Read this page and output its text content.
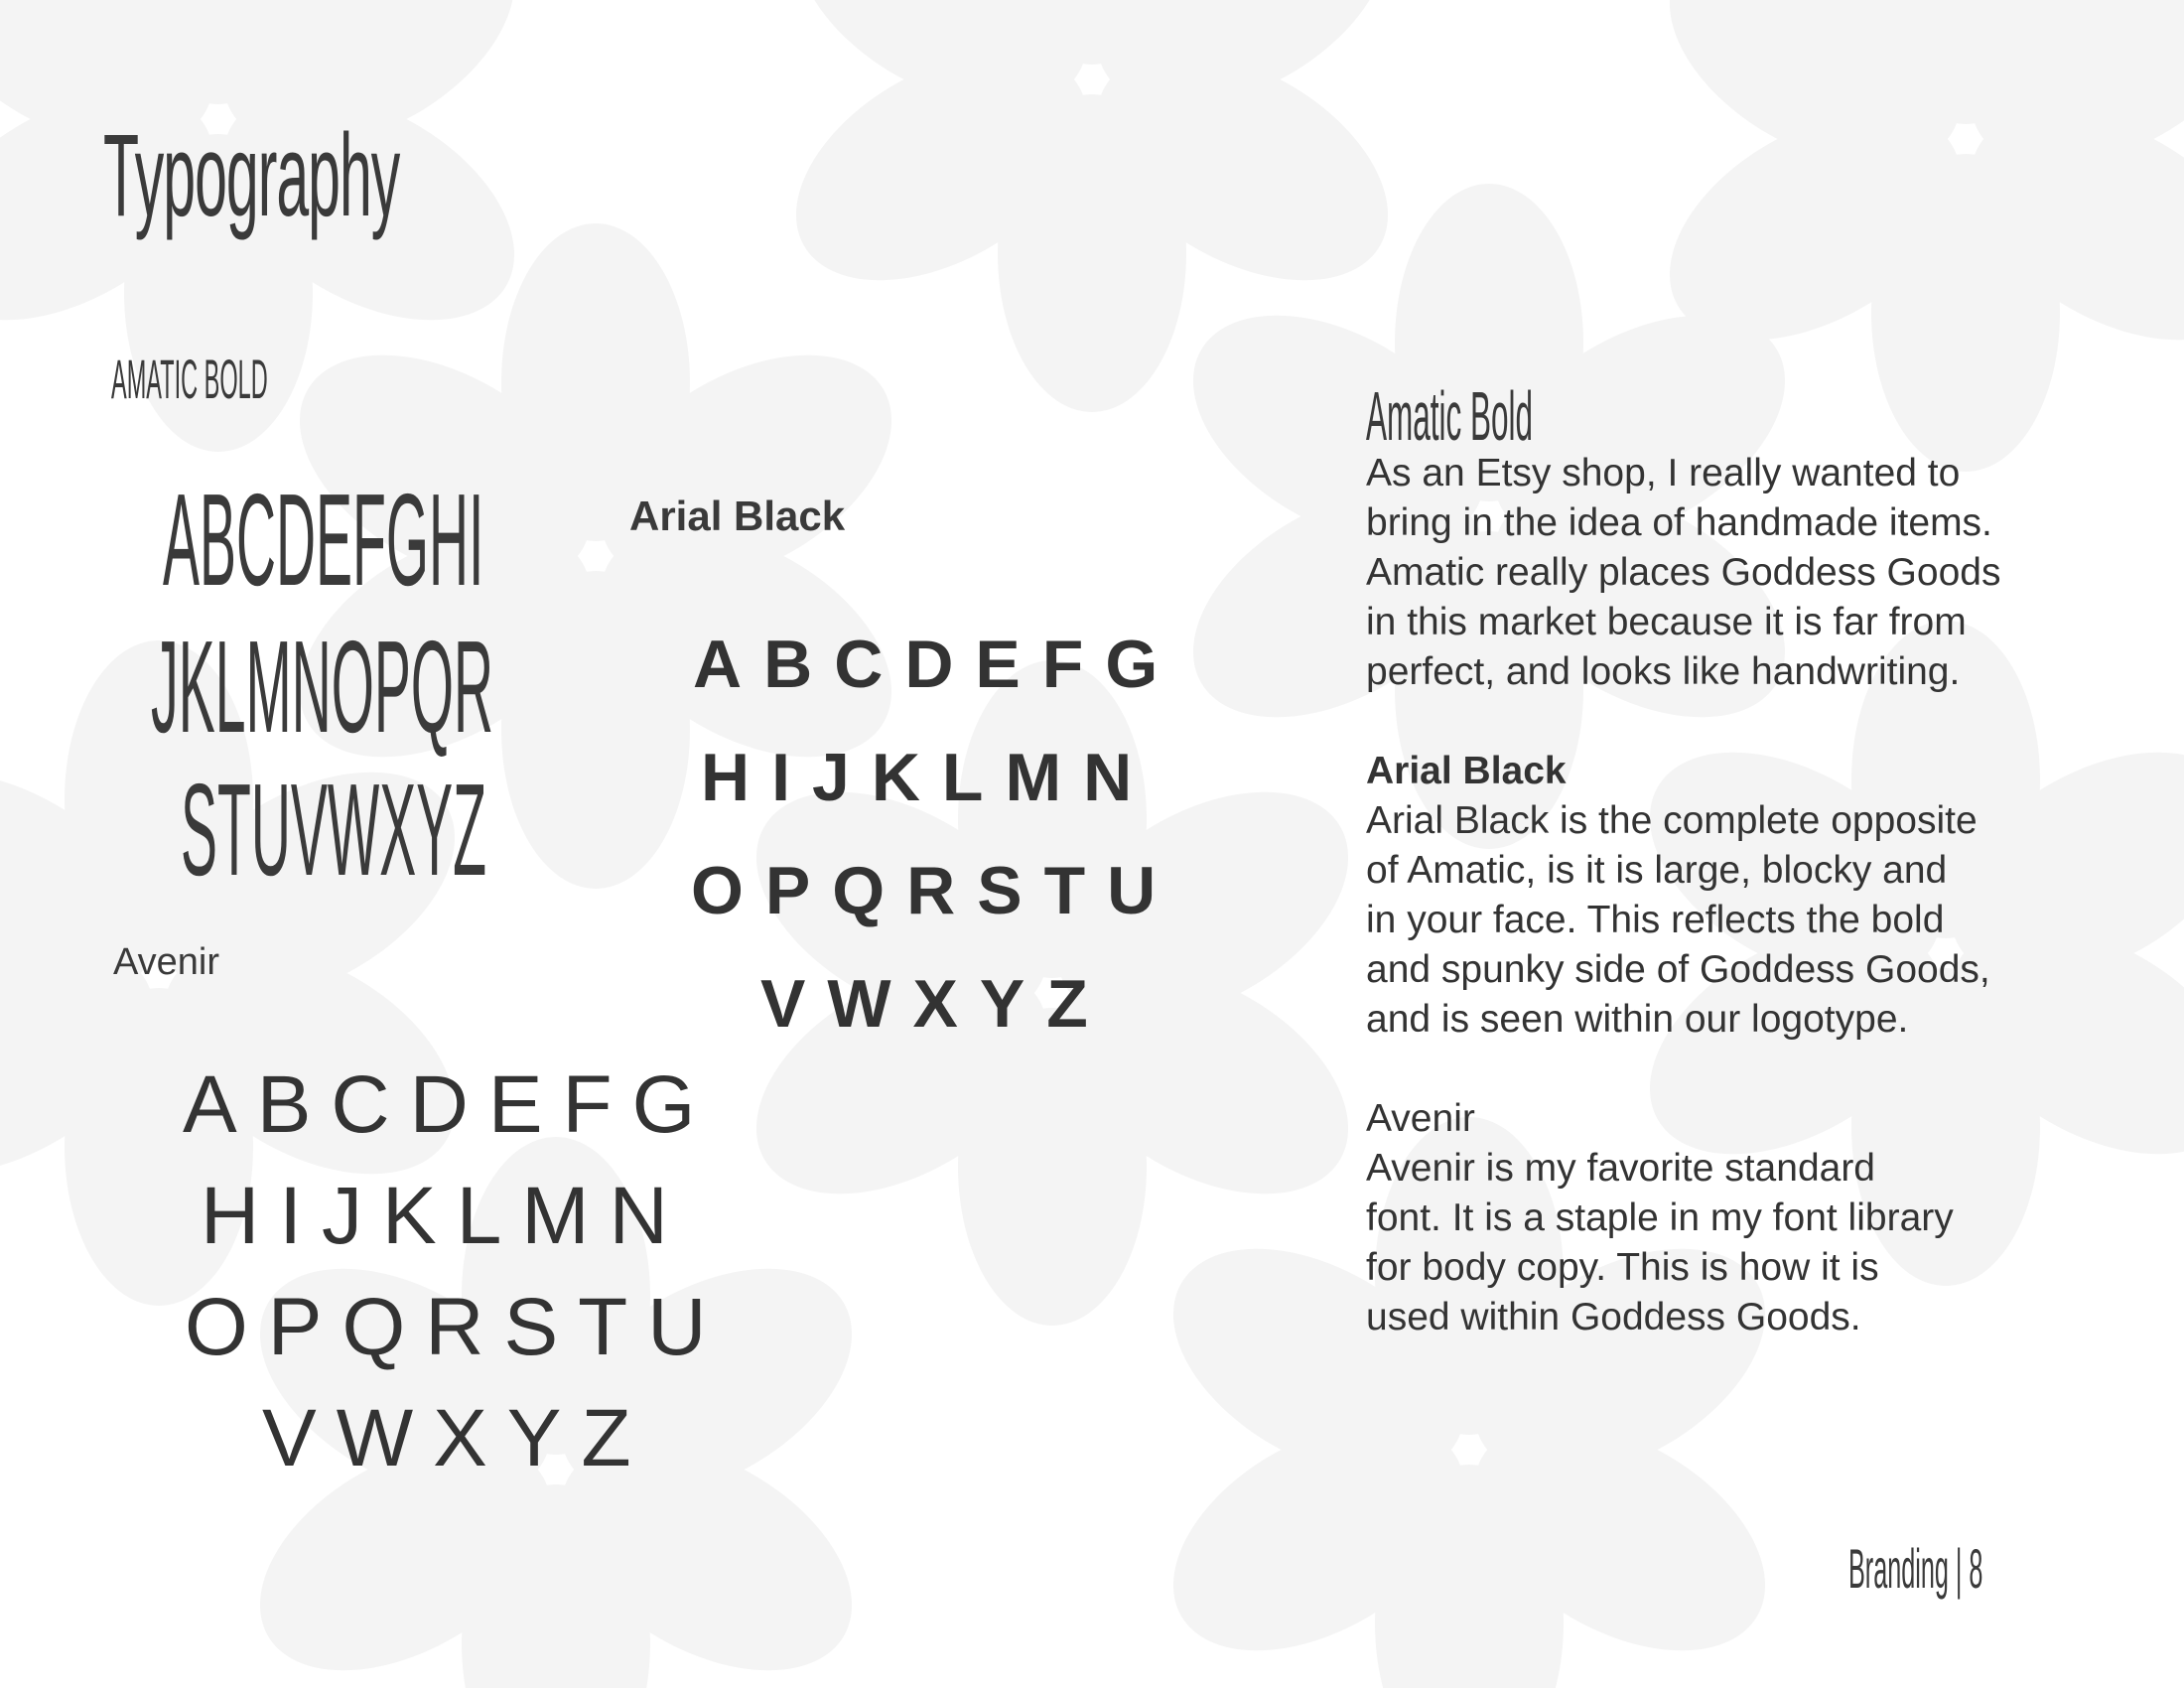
Typography
AMATIC BOLD
ABCDEFGHI
JKLMNOPQR
STUVWXYZ
Arial Black
ABCDEFG
HIJKLMN
OPQRSTU
VWXYZ
Avenir
ABCDEFG
HIJKLMN
OPQRSTU
VWXYZ
Amatic Bold
As an Etsy shop, I really wanted to
bring in the idea of handmade items.
Amatic really places Goddess Goods
in this market because it is far from
perfect, and looks like handwriting.
Arial Black
Arial Black is the complete opposite
of Amatic, is it is large, blocky and
in your face. This reflects the bold
and spunky side of Goddess Goods,
and is seen within our logotype.
Avenir
Avenir is my favorite standard
font. It is a staple in my font library
for body copy. This is how it is
used within Goddess Goods.
Branding | 8
